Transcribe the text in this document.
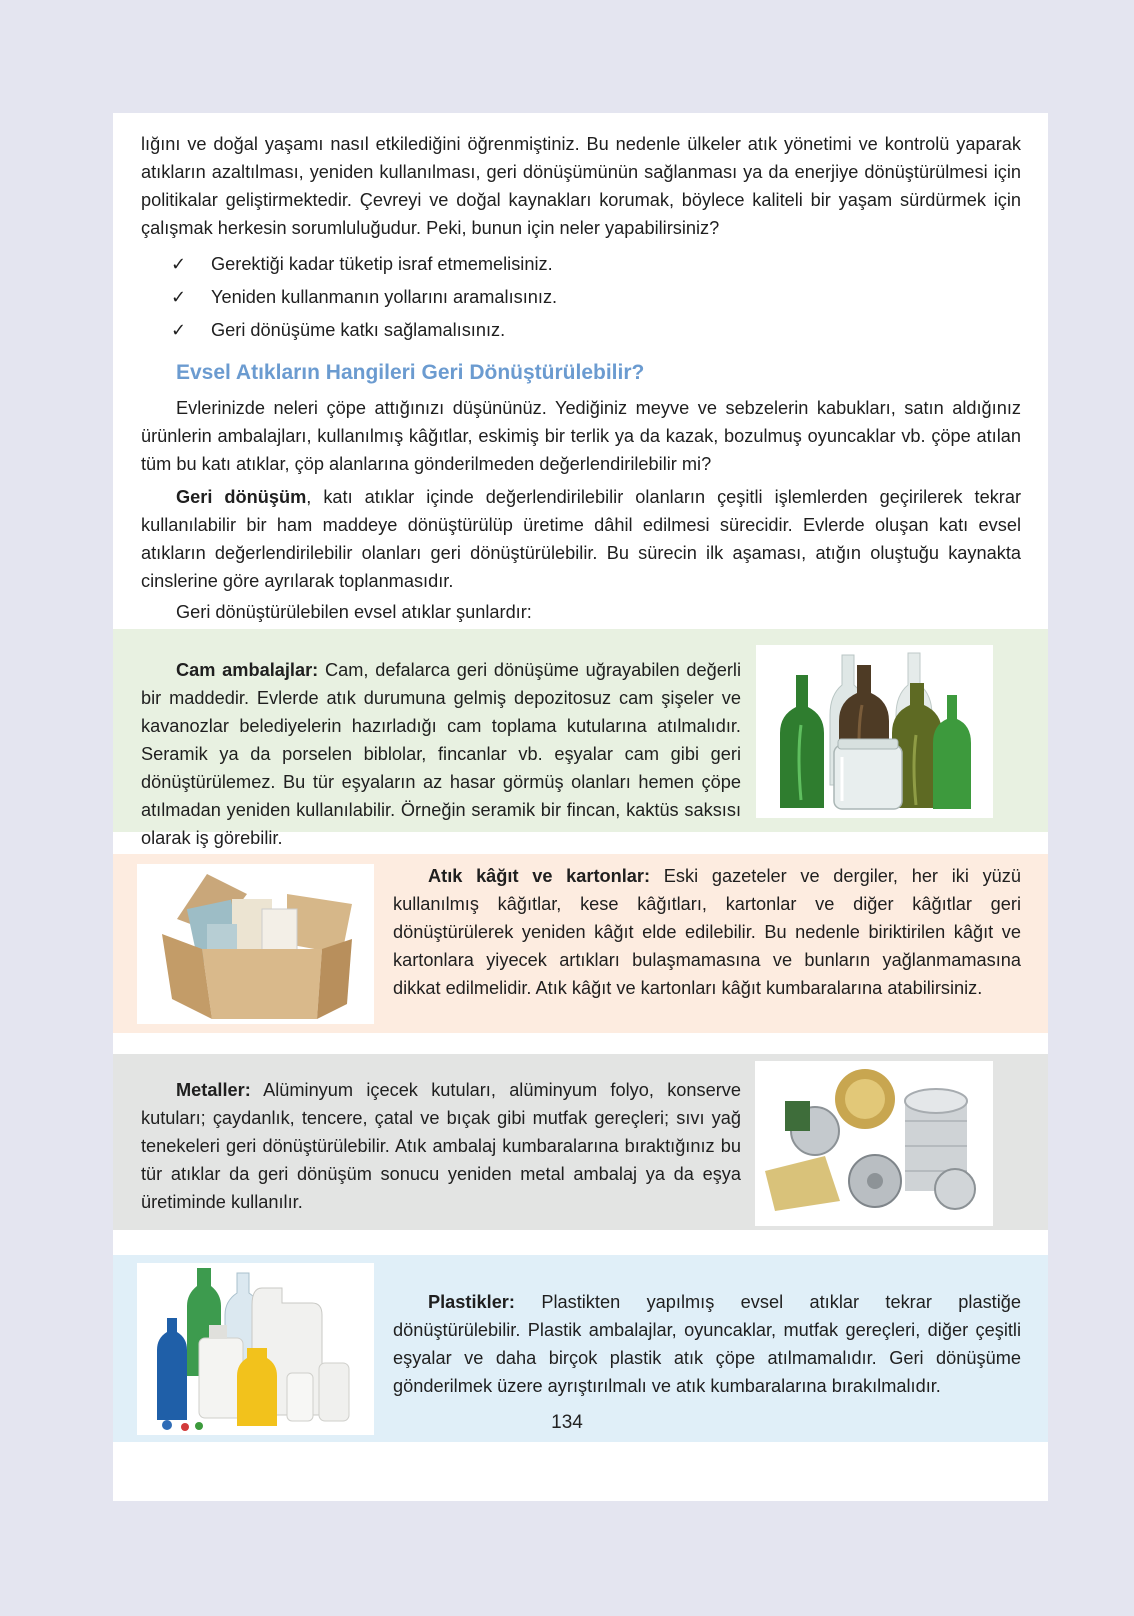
lığını ve doğal yaşamı nasıl etkilediğini öğrenmiştiniz. Bu nedenle ülkeler atık yönetimi ve kontrolü yaparak atıkların azaltılması, yeniden kullanılması, geri dönüşümünün sağlanması ya da enerjiye dönüştürülmesi için politikalar geliştirmektedir. Çevreyi ve doğal kaynakları korumak, böylece kaliteli bir yaşam sürdürmek için çalışmak herkesin sorumluluğudur. Peki, bunun için neler yapabilirsiniz?

✓ Gerektiği kadar tüketip israf etmemelisiniz.
✓ Yeniden kullanmanın yollarını aramalısınız.
✓ Geri dönüşüme katkı sağlamalısınız.
Evsel Atıkların Hangileri Geri Dönüştürülebilir?

Evlerinizde neleri çöpe attığınızı düşününüz. Yediğiniz meyve ve sebzelerin kabukları, satın aldığınız ürünlerin ambalajları, kullanılmış kâğıtlar, eskimiş bir terlik ya da kazak, bozulmuş oyuncaklar vb. çöpe atılan tüm bu katı atıklar, çöp alanlarına gönderilmeden değerlendirilebilir mi?

Geri dönüşüm, katı atıklar içinde değerlendirilebilir olanların çeşitli işlemlerden geçirilerek tekrar kullanılabilir bir ham maddeye dönüştürülüp üretime dâhil edilmesi sürecidir. Evlerde oluşan katı evsel atıkların değerlendirilebilir olanları geri dönüştürülebilir. Bu sürecin ilk aşaması, atığın oluştuğu kaynakta cinslerine göre ayrılarak toplanmasıdır.

Geri dönüştürülebilen evsel atıklar şunlardır:

Cam ambalajlar: Cam, defalarca geri dönüşüme uğrayabilen değerli bir maddedir. Evlerde atık durumuna gelmiş depozitosuz cam şişeler ve kavanozlar belediyelerin hazırladığı cam toplama kutularına atılmalıdır. Seramik ya da porselen biblolar, fincanlar vb. eşyalar cam gibi geri dönüştürülemez. Bu tür eşyaların az hasar görmüş olanları hemen çöpe atılmadan yeniden kullanılabilir. Örneğin seramik bir fincan, kaktüs saksısı olarak iş görebilir.

Atık kâğıt ve kartonlar: Eski gazeteler ve dergiler, her iki yüzü kullanılmış kâğıtlar, kese kâğıtları, kartonlar ve diğer kâğıtlar geri dönüştürülerek yeniden kâğıt elde edilebilir. Bu nedenle biriktirilen kâğıt ve kartonlara yiyecek artıkları bulaşmamasına ve bunların yağlanmamasına dikkat edilmelidir. Atık kâğıt ve kartonları kâğıt kumbaralarına atabilirsiniz.

Metaller: Alüminyum içecek kutuları, alüminyum folyo, konserve kutuları; çaydanlık, tencere, çatal ve bıçak gibi mutfak gereçleri; sıvı yağ tenekeleri geri dönüştürülebilir. Atık ambalaj kumbaralarına bıraktığınız bu tür atıklar da geri dönüşüm sonucu yeniden metal ambalaj ya da eşya üretiminde kullanılır.

Plastikler: Plastikten yapılmış evsel atıklar tekrar plastiğe dönüştürülebilir. Plastik ambalajlar, oyuncaklar, mutfak gereçleri, diğer çeşitli eşyalar ve daha birçok plastik atık çöpe atılmamalıdır. Geri dönüşüme gönderilmek üzere ayrıştırılmalı ve atık kumbaralarına bırakılmalıdır.

134
